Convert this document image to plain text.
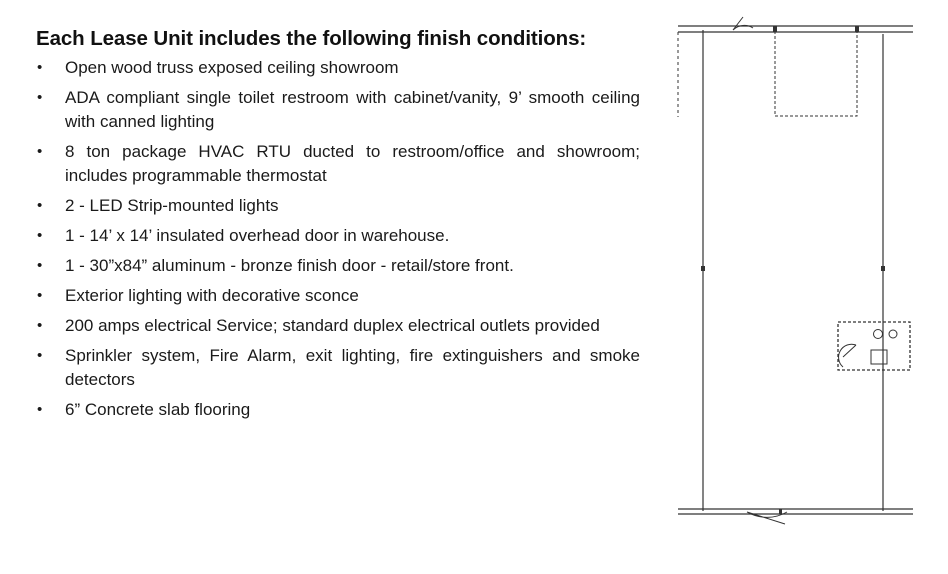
Each Lease Unit includes the following finish conditions:
• Open wood truss exposed ceiling showroom
• ADA compliant single toilet restroom with cabinet/vanity, 9’ smooth ceiling with canned lighting
• 8 ton package HVAC RTU ducted to restroom/office and showroom; includes programmable thermostat
• 2 - LED Strip-mounted lights
• 1 - 14’ x 14’ insulated overhead door in warehouse.
• 1 - 30”x84” aluminum - bronze finish door - retail/store front.
• Exterior lighting with decorative sconce
• 200 amps electrical Service; standard duplex electrical outlets provided
• Sprinkler system, Fire Alarm, exit lighting, fire extinguishers and smoke detectors
• 6” Concrete slab flooring
